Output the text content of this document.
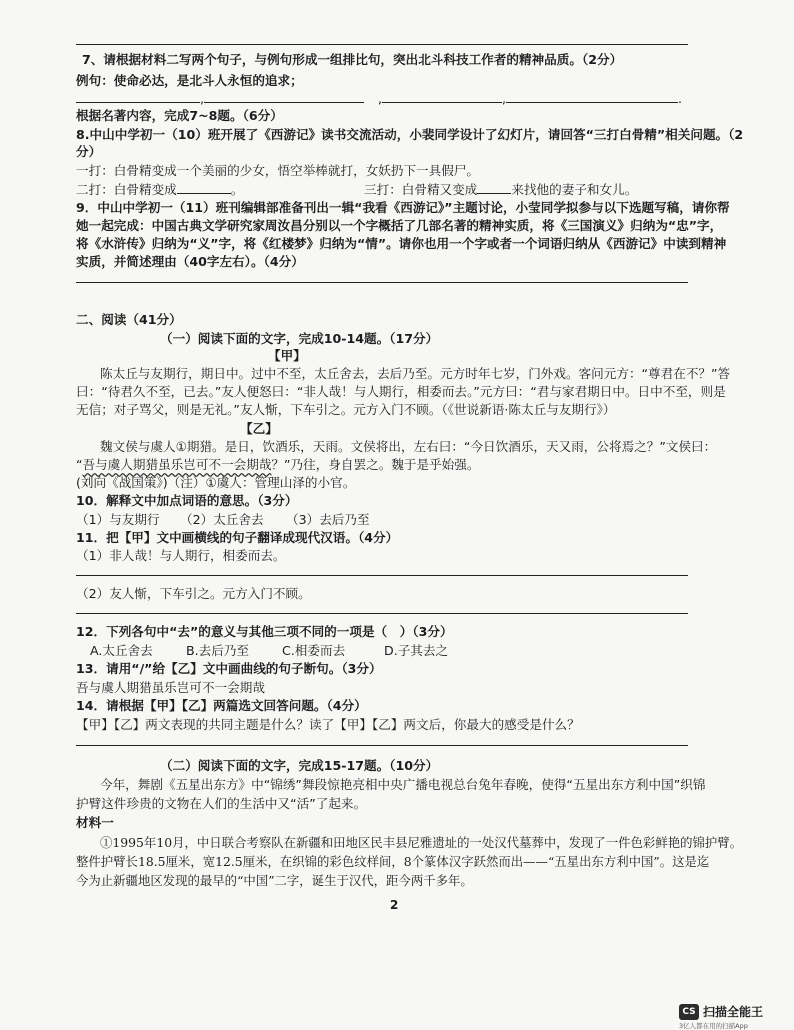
7、请根据材料二写两个句子，与例句形成一组排比句，突出北斗科技工作者的精神品质。（2分）
例句：使命必达，是北斗人永恒的追求；
,	,	,	.
根据名著内容，完成7~8题。（6分）
8.中山中学初一（10）班开展了《西游记》读书交流活动，小裴同学设计了幻灯片，请回答“三打白骨精”相关问题。（2
分）
一打：白骨精变成一个美丽的少女，悟空举棒就打，女妖扔下一具假尸。
二打：白骨精变成	。	三打：白骨精又变成	来找他的妻子和女儿。
9．中山中学初一（11）班刊编辑部准备刊出一辑“我看《西游记》”主题讨论，小莹同学拟参与以下选题写稿，请你帮
她一起完成：中国古典文学研究家周汝昌分别以一个字概括了几部名著的精神实质，将《三国演义》归纳为“忠”字，
将《水浒传》归纳为“义”字，将《红楼梦》归纳为“情”。请你也用一个字或者一个词语归纳从《西游记》中读到精神
实质，并简述理由（40字左右）。（4分）
二、阅读（41分）
（一）阅读下面的文字，完成10-14题。（17分）
【甲】
陈太丘与友期行，期日中。过中不至，太丘舍去，去后乃至。元方时年七岁，门外戏。客问元方：“尊君在不？”答
曰：“待君久不至，已去。”友人便怒曰：“非人哉！与人期行，相委而去。”元方曰：“君与家君期日中。日中不至，则是
无信；对子骂父，则是无礼。”友人惭，下车引之。元方入门不顾。（《世说新语·陈太丘与友期行》）
【乙】
魏文侯与虞人①期猎。是日，饮酒乐，天雨。文侯将出，左右曰：“今日饮酒乐，天又雨，公将焉之？”文侯曰：
“吾与虞人期猎虽乐岂可不一会期哉？”乃往，身自罢之。魏于是乎始强。
(刘向《战国策》)（注）①虞人：管理山泽的小官。
10．解释文中加点词语的意思。（3分）
（1）与友期行 （2）太丘舍去 （3）去后乃至
11．把【甲】文中画横线的句子翻译成现代汉语。（4分）
（1）非人哉！与人期行，相委而去。
（2）友人惭，下车引之。元方入门不顾。
12．下列各句中“去”的意义与其他三项不同的一项是（　）（3分）
A.太丘舍去	B.去后乃至	C.相委而去	D.子其去之
13．请用“/”给【乙】文中画曲线的句子断句。（3分）
吾与虞人期猎虽乐岂可不一会期哉
14．请根据【甲】【乙】两篇选文回答问题。（4分）
【甲】【乙】两文表现的共同主题是什么？读了【甲】【乙】两文后，你最大的感受是什么？
（二）阅读下面的文字，完成15-17题。（10分）
今年，舞剧《五星出东方》中“锦绣”舞段惊艳亮相中央广播电视总台兔年春晚，使得“五星出东方利中国”织锦
护臂这件珍贵的文物在人们的生活中又“活”了起来。
材料一
①1995年10月，中日联合考察队在新疆和田地区民丰县尼雅遗址的一处汉代墓葬中，发现了一件色彩鲜艳的锦护臂。
整件护臂长18.5厘米，宽12.5厘米，在织锦的彩色纹样间，8个篆体汉字跃然而出——“五星出东方利中国”。这是迄
今为止新疆地区发现的最早的“中国”二字，诞生于汉代，距今两千多年。
2
CS 扫描全能王
3亿人都在用的扫描App
